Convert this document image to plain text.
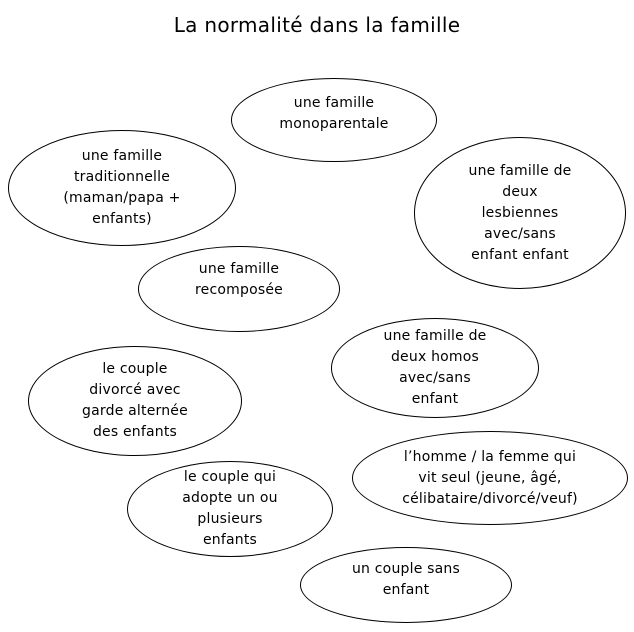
La normalité dans la famille
une famille
monoparentale
une famille
traditionnelle
(maman/papa +
enfants)
une famille de
deux
lesbiennes
avec/sans
enfant enfant
une famille
recomposée
une famille de
deux homos
avec/sans
enfant
le couple
divorcé avec
garde alternée
des enfants
l’homme / la femme qui
vit seul (jeune, âgé,
célibataire/divorcé/veuf)
le couple qui
adopte un ou
plusieurs
enfants
un couple sans
enfant
